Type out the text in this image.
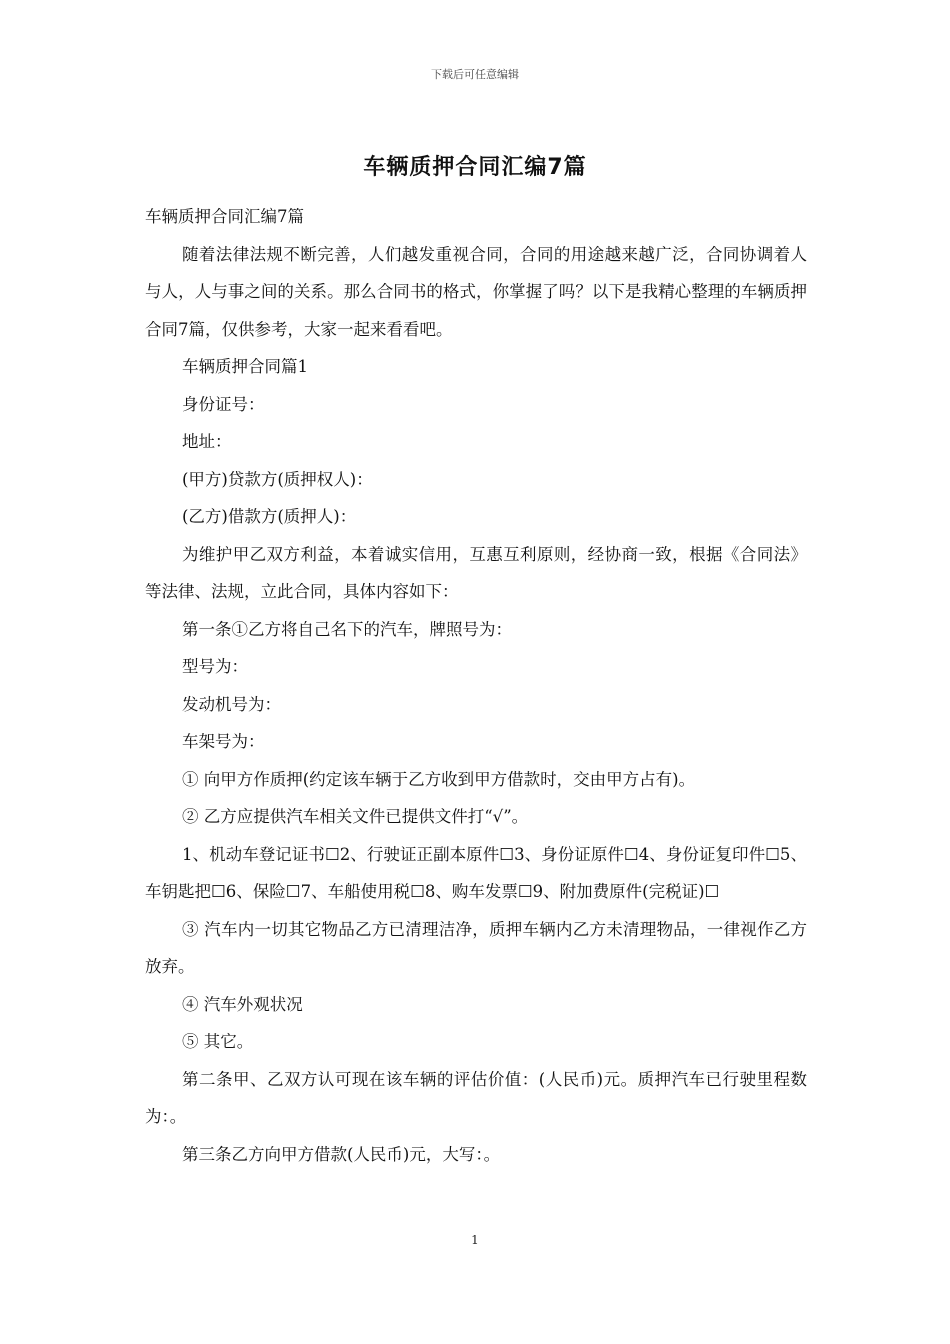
下载后可任意编辑
车辆质押合同汇编7篇

车辆质押合同汇编7篇

随着法律法规不断完善，人们越发重视合同，合同的用途越来越广泛，合同协调着人与人，人与事之间的关系。那么合同书的格式，你掌握了吗？以下是我精心整理的车辆质押合同7篇，仅供参考，大家一起来看看吧。

车辆质押合同篇1

身份证号：

地址：

(甲方)贷款方(质押权人)：

(乙方)借款方(质押人)：

为维护甲乙双方利益，本着诚实信用，互惠互利原则，经协商一致，根据《合同法》等法律、法规，立此合同，具体内容如下：

第一条①乙方将自己名下的汽车，牌照号为：

型号为：

发动机号为：

车架号为：

① 向甲方作质押(约定该车辆于乙方收到甲方借款时，交由甲方占有)。

② 乙方应提供汽车相关文件已提供文件打“√”。

1、机动车登记证书☐2、行驶证正副本原件☐3、身份证原件☐4、身份证复印件☐5、车钥匙把☐6、保险☐7、车船使用税☐8、购车发票☐9、附加费原件(完税证)☐

③ 汽车内一切其它物品乙方已清理洁净，质押车辆内乙方未清理物品，一律视作乙方放弃。

④ 汽车外观状况

⑤ 其它。

第二条甲、乙双方认可现在该车辆的评估价值：(人民币)元。质押汽车已行驶里程数为：。

第三条乙方向甲方借款(人民币)元，大写：。

1
